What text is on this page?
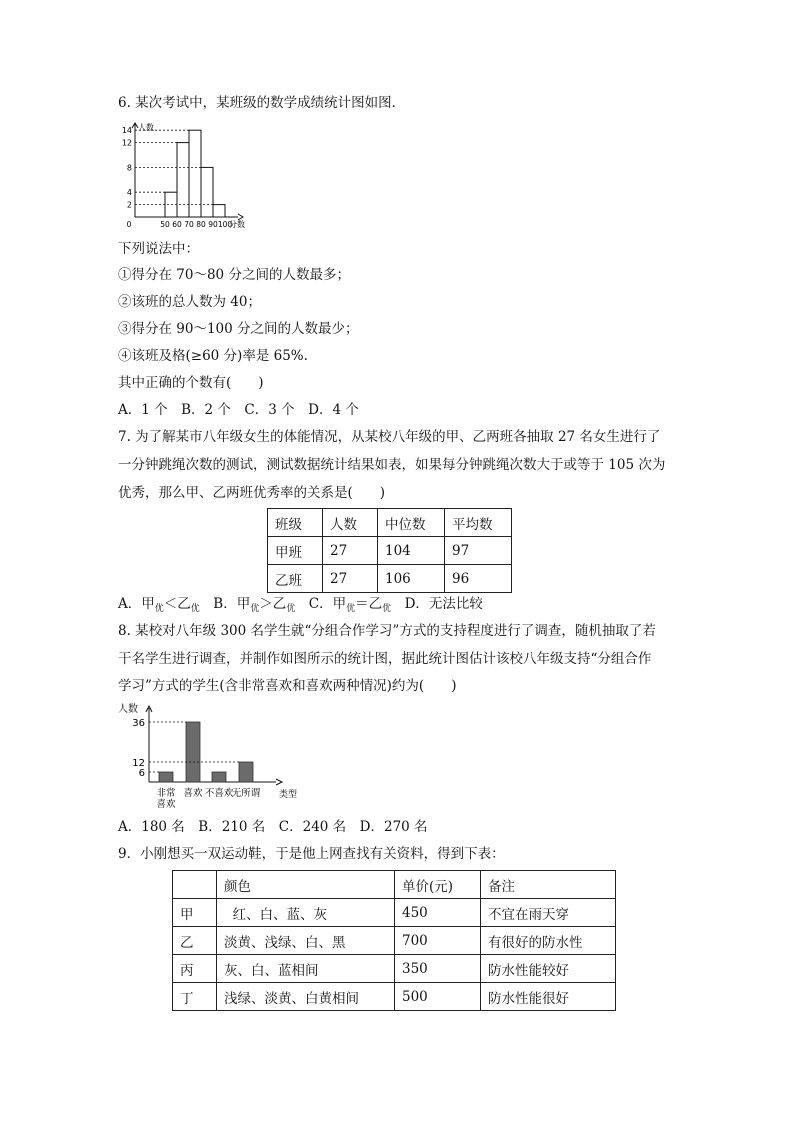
6. 某次考试中，某班级的数学成绩统计图如图．
人数
分数
2
4
8
12
14
0	50 60 70 80 90 100
下列说法中：
①得分在 70～80 分之间的人数最多；
②该班的总人数为 40；
③得分在 90～100 分之间的人数最少；
④该班及格(≥60 分)率是 65%.
其中正确的个数有(　　)
A．1 个　B．2 个　C．3 个　D．4 个
7. 为了解某市八年级女生的体能情况，从某校八年级的甲、乙两班各抽取 27 名女生进行了
一分钟跳绳次数的测试，测试数据统计结果如表，如果每分钟跳绳次数大于或等于 105 次为
优秀，那么甲、乙两班优秀率的关系是(　　)
班级	人数	中位数	平均数
甲班	27	104	97
乙班	27	106	96
A．甲$_优$＜乙$_优$　 B．甲$_优$＞乙$_优$　 C．甲$_优$＝乙$_优$　 D．无法比较
8. 某校对八年级 300 名学生就“分组合作学习”方式的支持程度进行了调查，随机抽取了若
干名学生进行调查，并制作如图所示的统计图，据此统计图估计该校八年级支持“分组合作
学习”方式的学生(含非常喜欢和喜欢两种情况)约为(　　)
人数
类型
6
12
36
非常 喜欢 不喜欢
无所谓
喜欢
A．180 名　B．210 名　C．240 名　D．270 名
9．小刚想买一双运动鞋，于是他上网查找有关资料，得到下表：
	颜色	单价(元)	备注
甲	红、白、蓝、灰	450	不宜在雨天穿
乙	淡黄、浅绿、白、黑	700	有很好的防水性
丙	灰、白、蓝相间	350	防水性能较好
丁	浅绿、淡黄、白黄相间	500	防水性能很好
